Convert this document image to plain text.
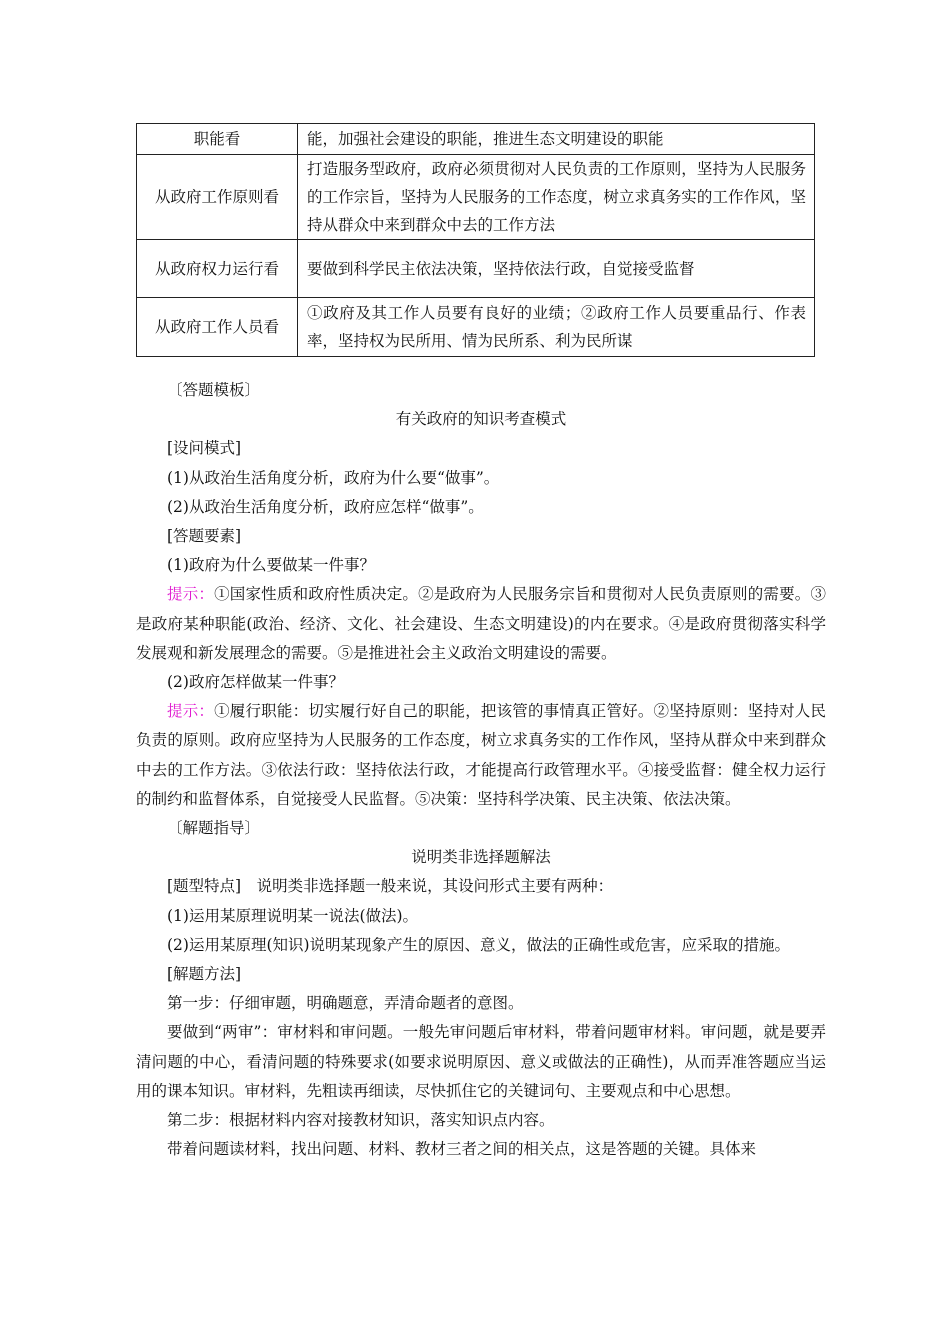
职能看	能，加强社会建设的职能，推进生态文明建设的职能
从政府工作原则看	打造服务型政府，政府必须贯彻对人民负责的工作原则，坚持为人民服务的工作宗旨，坚持为人民服务的工作态度，树立求真务实的工作作风，坚持从群众中来到群众中去的工作方法
从政府权力运行看	要做到科学民主依法决策，坚持依法行政，自觉接受监督
从政府工作人员看	①政府及其工作人员要有良好的业绩；②政府工作人员要重品行、作表率，坚持权为民所用、情为民所系、利为民所谋

〔答题模板〕

有关政府的知识考查模式

[设问模式]

(1)从政治生活角度分析，政府为什么要“做事”。

(2)从政治生活角度分析，政府应怎样“做事”。

[答题要素]

(1)政府为什么要做某一件事？

提示：①国家性质和政府性质决定。②是政府为人民服务宗旨和贯彻对人民负责原则的需要。③是政府某种职能(政治、经济、文化、社会建设、生态文明建设)的内在要求。④是政府贯彻落实科学发展观和新发展理念的需要。⑤是推进社会主义政治文明建设的需要。

(2)政府怎样做某一件事？

提示：①履行职能：切实履行好自己的职能，把该管的事情真正管好。②坚持原则：坚持对人民负责的原则。政府应坚持为人民服务的工作态度，树立求真务实的工作作风，坚持从群众中来到群众中去的工作方法。③依法行政：坚持依法行政，才能提高行政管理水平。④接受监督：健全权力运行的制约和监督体系，自觉接受人民监督。⑤决策：坚持科学决策、民主决策、依法决策。

〔解题指导〕

说明类非选择题解法

[题型特点]　 说明类非选择题一般来说，其设问形式主要有两种：

(1)运用某原理说明某一说法(做法)。

(2)运用某原理(知识)说明某现象产生的原因、意义，做法的正确性或危害，应采取的措施。

[解题方法]

第一步：仔细审题，明确题意，弄清命题者的意图。

要做到“两审”：审材料和审问题。一般先审问题后审材料，带着问题审材料。审问题，就是要弄清问题的中心，看清问题的特殊要求(如要求说明原因、意义或做法的正确性)，从而弄准答题应当运用的课本知识。审材料，先粗读再细读，尽快抓住它的关键词句、主要观点和中心思想。

第二步：根据材料内容对接教材知识，落实知识点内容。

带着问题读材料，找出问题、材料、教材三者之间的相关点，这是答题的关键。具体来
